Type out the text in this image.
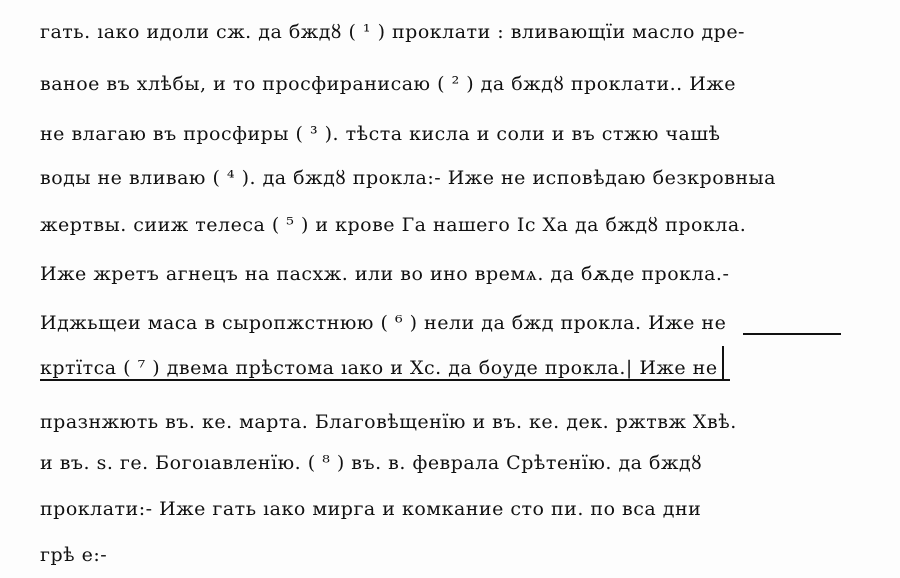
гать. ıако идоли сж. да бждȣ ( ¹ ) проклати : вливающїи масло дре-
ваное въ хлѣбы, и то просфиранисаю ( ² ) да бждȣ проклати.. Иже
не влагаю въ просфиры ( ³ ). тѣста кисла и соли и въ стжю чашѣ
воды не вливаю ( ⁴ ). да бждȣ прокла:- Иже не исповѣдаю безкровныа
жертвы. сииж телеса ( ⁵ ) и крове Га нашего Іс Ха да бждȣ прокла.
Иже жретъ агнецъ на пасхж. или во ино времѧ. да бѫде прокла.-
Иджьщеи маса в сыропжстнюю ( ⁶ ) нели да бжд проклa. Иже не
кртїтса ( ⁷ ) двема прѣстома ıако и Хс. да боуде прокла.| Иже не
празнжють въ. ке. марта. Благовѣщенїю и въ. ке. дек. ржтвж Хвѣ.
и въ. ѕ. ге. Богоıавленїю. ( ⁸ ) въ. в. феврала Срѣтенїю. да бждȣ
проклати:- Иже гать ıако мирга и комкание сто пи. по вса дни
грѣ е:-
